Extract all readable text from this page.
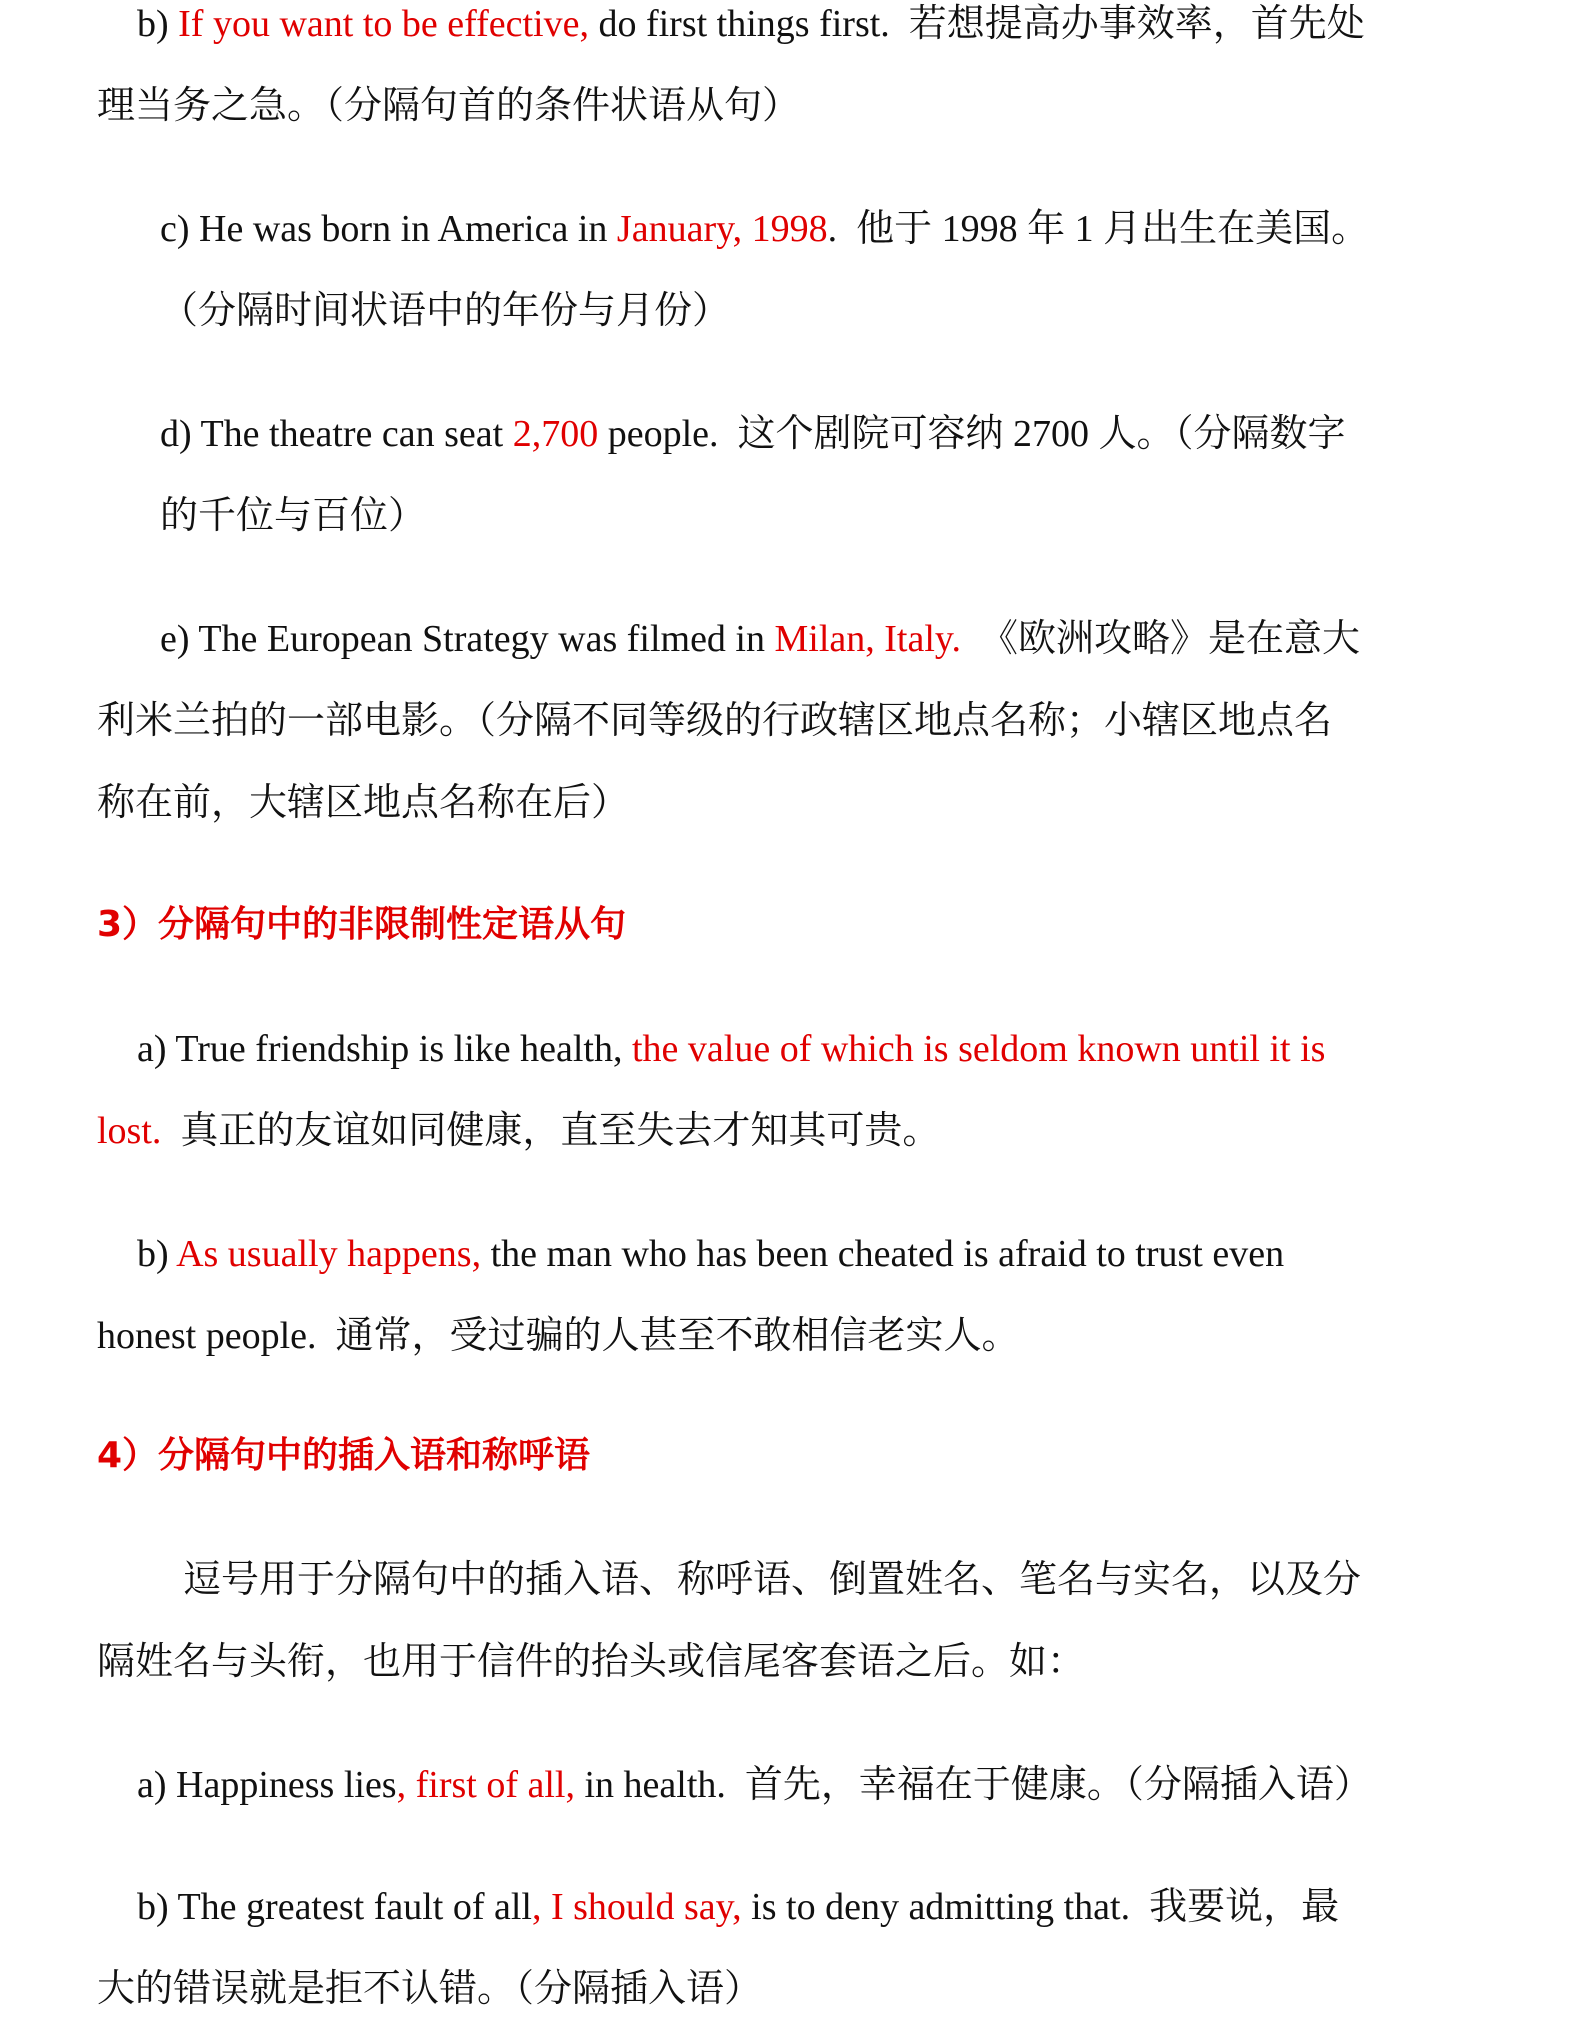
b) If you want to be effective, do first things first. 若想提高办事效率，首先处
理当务之急。（分隔句首的条件状语从句）
c) He was born in America in January, 1998. 他于 1998 年 1 月出生在美国。
（分隔时间状语中的年份与月份）
d) The theatre can seat 2,700 people. 这个剧院可容纳 2700 人。（分隔数字
的千位与百位）
e) The European Strategy was filmed in Milan, Italy. 《欧洲攻略》是在意大
利米兰拍的一部电影。（分隔不同等级的行政辖区地点名称；小辖区地点名
称在前，大辖区地点名称在后）
3）分隔句中的非限制性定语从句
a) True friendship is like health, the value of which is seldom known until it is
lost. 真正的友谊如同健康，直至失去才知其可贵。
b) As usually happens, the man who has been cheated is afraid to trust even
honest people. 通常，受过骗的人甚至不敢相信老实人。
4）分隔句中的插入语和称呼语
逗号用于分隔句中的插入语、称呼语、倒置姓名、笔名与实名，以及分
隔姓名与头衔，也用于信件的抬头或信尾客套语之后。如：
a) Happiness lies, first of all, in health. 首先，幸福在于健康。（分隔插入语）
b) The greatest fault of all, I should say, is to deny admitting that. 我要说，最
大的错误就是拒不认错。（分隔插入语）
